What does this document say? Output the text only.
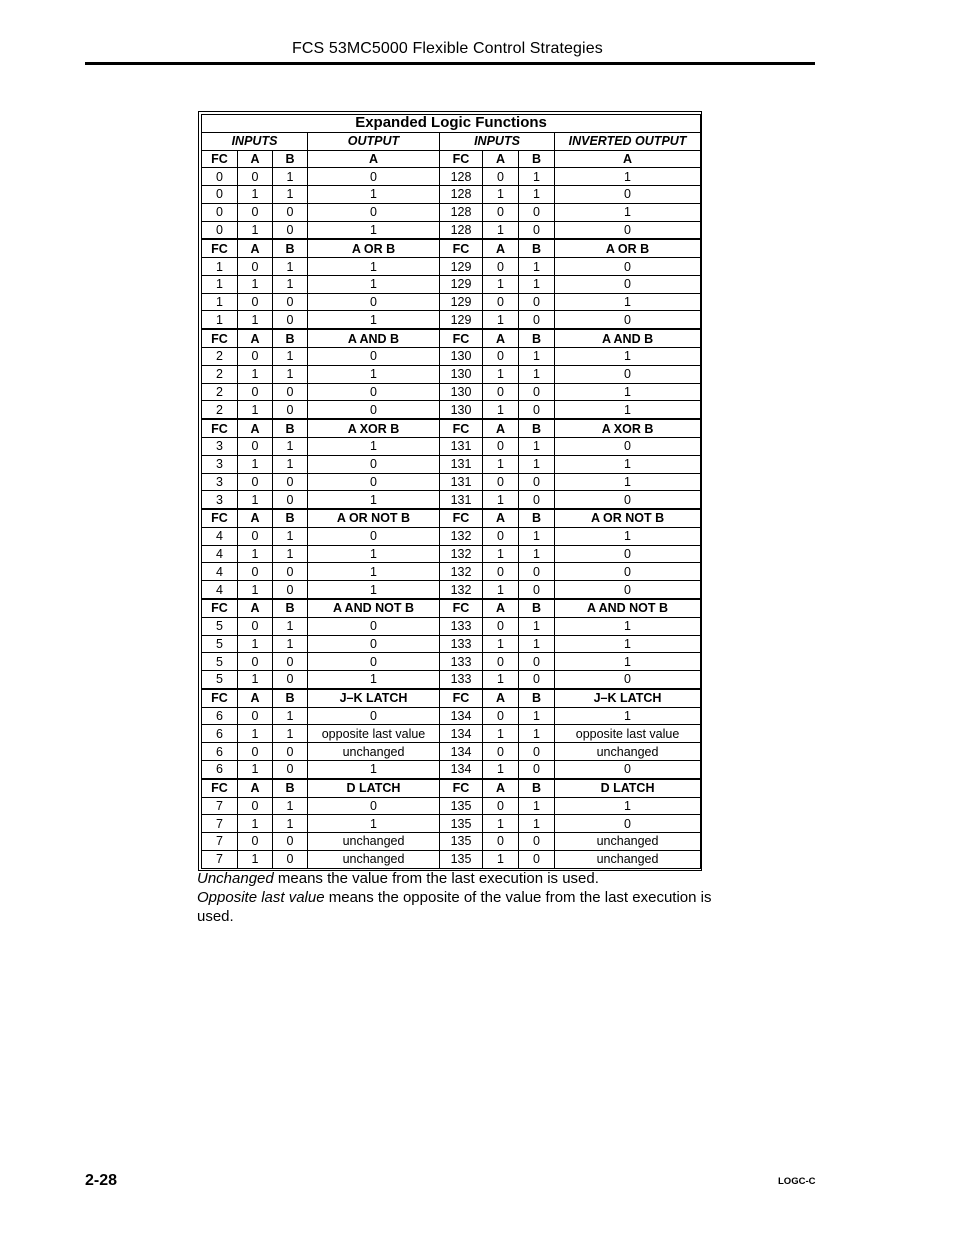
FCS 53MC5000 Flexible Control Strategies
Expanded Logic Functions							
INPUTS			OUTPUT	INPUTS			INVERTED OUTPUT
FC	A	B	A	FC	A	B	A
0	0	1	0	128	0	1	1
0	1	1	1	128	1	1	0
0	0	0	0	128	0	0	1
0	1	0	1	128	1	0	0
FC	A	B	A OR B	FC	A	B	A OR B
1	0	1	1	129	0	1	0
1	1	1	1	129	1	1	0
1	0	0	0	129	0	0	1
1	1	0	1	129	1	0	0
FC	A	B	A AND B	FC	A	B	A AND B
2	0	1	0	130	0	1	1
2	1	1	1	130	1	1	0
2	0	0	0	130	0	0	1
2	1	0	0	130	1	0	1
FC	A	B	A XOR B	FC	A	B	A XOR B
3	0	1	1	131	0	1	0
3	1	1	0	131	1	1	1
3	0	0	0	131	0	0	1
3	1	0	1	131	1	0	0
FC	A	B	A OR NOT B	FC	A	B	A OR NOT B
4	0	1	0	132	0	1	1
4	1	1	1	132	1	1	0
4	0	0	1	132	0	0	0
4	1	0	1	132	1	0	0
FC	A	B	A AND NOT B	FC	A	B	A AND NOT B
5	0	1	0	133	0	1	1
5	1	1	0	133	1	1	1
5	0	0	0	133	0	0	1
5	1	0	1	133	1	0	0
FC	A	B	J–K LATCH	FC	A	B	J–K LATCH
6	0	1	0	134	0	1	1
6	1	1	opposite last value	134	1	1	opposite last value
6	0	0	unchanged	134	0	0	unchanged
6	1	0	1	134	1	0	0
FC	A	B	D LATCH	FC	A	B	D LATCH
7	0	1	0	135	0	1	1
7	1	1	1	135	1	1	0
7	0	0	unchanged	135	0	0	unchanged
7	1	0	unchanged	135	1	0	unchanged

Unchanged means the value from the last execution is used.

Opposite last value means the opposite of the value from the last execution is used.

2-28	LOGC-C
